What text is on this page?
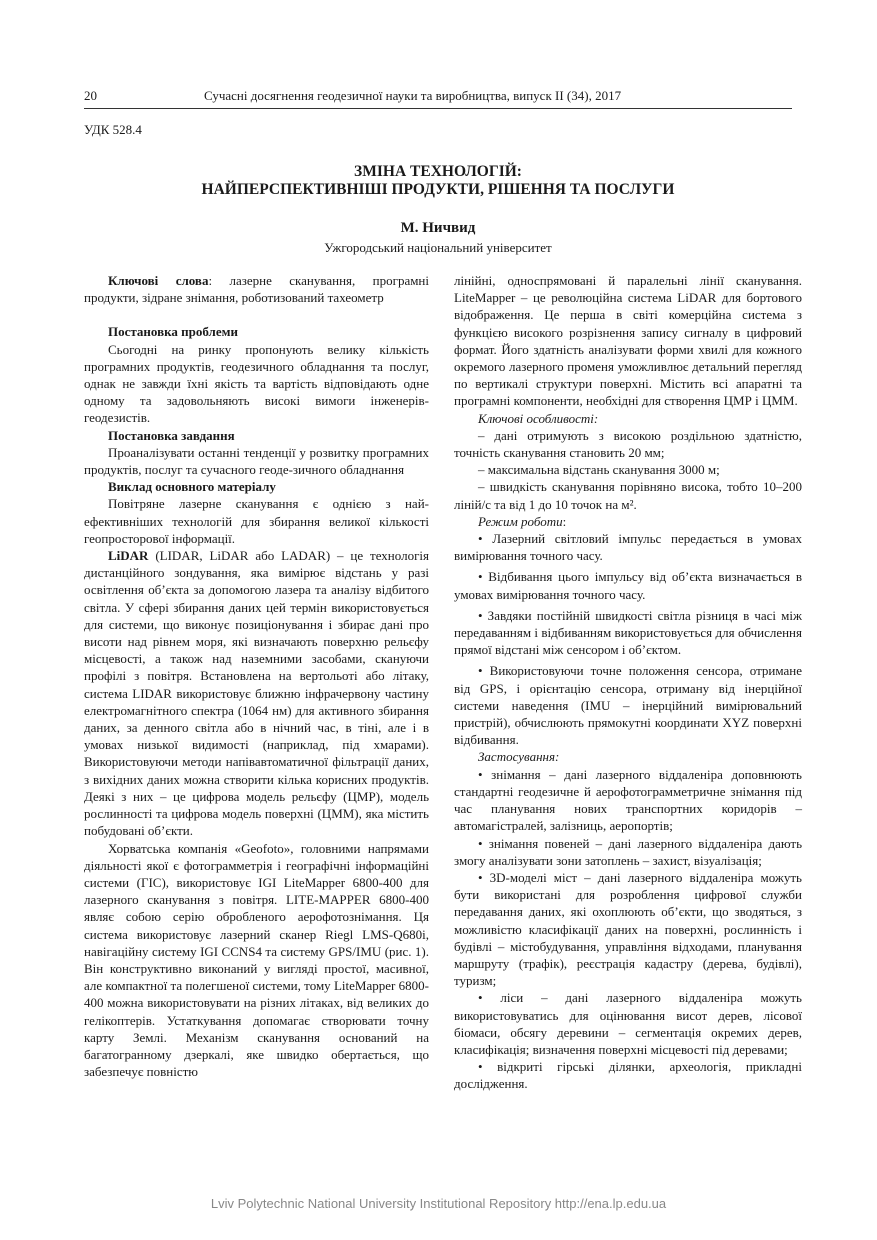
20	Сучасні досягнення геодезичної науки та виробництва, випуск ІІ (34), 2017
УДК 528.4
ЗМІНА ТЕХНОЛОГІЙ:
НАЙПЕРСПЕКТИВНІШІ ПРОДУКТИ, РІШЕННЯ ТА ПОСЛУГИ
М. Ничвид
Ужгородський національний університет

Ключові слова: лазерне сканування, програмні продукти, зідране знімання, роботизований тахеометр

Постановка проблеми

Сьогодні на ринку пропонують велику кількість програмних продуктів, геодезичного обладнання та послуг, однак не завжди їхні якість та вартість відповідають одне одному та задовольняють високі вимоги інженерів-геодезистів.

Постановка завдання

Проаналізувати останні тенденції у розвитку програмних продуктів, послуг та сучасного геоде-зичного обладнання

Виклад основного матеріалу

Повітряне лазерне сканування є однією з най-ефективніших технологій для збирання великої кількості геопросторової інформації.

LiDAR (LIDAR, LiDAR або LADAR) – це технологія дистанційного зондування, яка вимірює відстань у разі освітлення об’єкта за допомогою лазера та аналізу відбитого світла. У сфері збирання даних цей термін використовується для системи, що виконує позиціонування і збирає дані про висоти над рівнем моря, які визначають поверхню рельєфу місцевості, а також над наземними засобами, скануючи профілі з повітря. Встановлена на вертольоті або літаку, система LIDAR використовує ближню інфрачервону частину електромагнітного спектра (1064 нм) для активного збирання даних, за денного світла або в нічний час, в тіні, але і в умовах низької видимості (наприклад, під хмарами). Використовуючи методи напівавтоматичної фільтрації даних, з вихідних даних можна створити кілька корисних продуктів. Деякі з них – це цифрова модель рельєфу (ЦМР), модель рослинності та цифрова модель поверхні (ЦММ), яка містить побудовані об’єкти.

Хорватська компанія «Geofoto», головними напрямами діяльності якої є фотограмметрія і географічні інформаційні системи (ГІС), використовує IGI LiteMapper 6800-400 для лазерного сканування з повітря. LITE-MAPPER 6800-400 являє собою серію обробленого аерофотознімання. Ця система використовує лазерний сканер Riegl LMS-Q680i, навігаційну систему IGI CCNS4 та систему GPS/IMU (рис. 1). Він конструктивно виконаний у вигляді простої, масивної, але компактної та полегшеної системи, тому LiteMapper 6800-400 можна використовувати на різних літаках, від великих до гелікоптерів. Устаткування допомагає створювати точну карту Землі. Механізм сканування оснований на багатогранному дзеркалі, яке швидко обертається, що забезпечує повністю

лінійні, односпрямовані й паралельні лінії сканування. LiteMapper – це революційна система LiDAR для бортового відображення. Це перша в світі комерційна система з функцією високого розрізнення запису сигналу в цифровий формат. Його здатність аналізувати форми хвилі для кожного окремого лазерного променя уможливлює детальний перегляд по вертикалі структури поверхні. Містить всі апаратні та програмні компоненти, необхідні для створення ЦМР і ЦММ.

Ключові особливості:

– дані отримують з високою роздільною здатністю, точність сканування становить 20 мм;

– максимальна відстань сканування 3000 м;

– швидкість сканування порівняно висока, тобто 10–200 ліній/с та від 1 до 10 точок на м².

Режим роботи:

• Лазерний світловий імпульс передається в умовах вимірювання точного часу.

• Відбивання цього імпульсу від об’єкта визначається в умовах вимірювання точного часу.

• Завдяки постійній швидкості світла різниця в часі між передаванням і відбиванням використовується для обчислення прямої відстані між сенсором і об’єктом.

• Використовуючи точне положення сенсора, отримане від GPS, і орієнтацію сенсора, отриману від інерційної системи наведення (IMU – інерційний вимірювальний пристрій), обчислюють прямокутні координати XYZ поверхні відбивання.

Застосування:

• знімання – дані лазерного віддаленіра доповнюють стандартні геодезичне й аерофотограмметричне знімання під час планування нових транспортних коридорів – автомагістралей, залізниць, аеропортів;

• знімання повеней – дані лазерного віддаленіра дають змогу аналізувати зони затоплень – захист, візуалізація;

• 3D-моделі міст – дані лазерного віддаленіра можуть бути використані для розроблення цифрової служби передавання даних, які охоплюють об’єкти, що зводяться, з можливістю класифікації даних на поверхні, рослинність і будівлі – містобудування, управління відходами, планування маршруту (трафік), реєстрація кадастру (дерева, будівлі), туризм;

• ліси – дані лазерного віддаленіра можуть використовуватись для оцінювання висот дерев, лісової біомаси, обсягу деревини – сегментація окремих дерев, класифікація; визначення поверхні місцевості під деревами;

• відкриті гірські ділянки, археологія, прикладні дослідження.

Lviv Polytechnic National University Institutional Repository http://ena.lp.edu.ua
